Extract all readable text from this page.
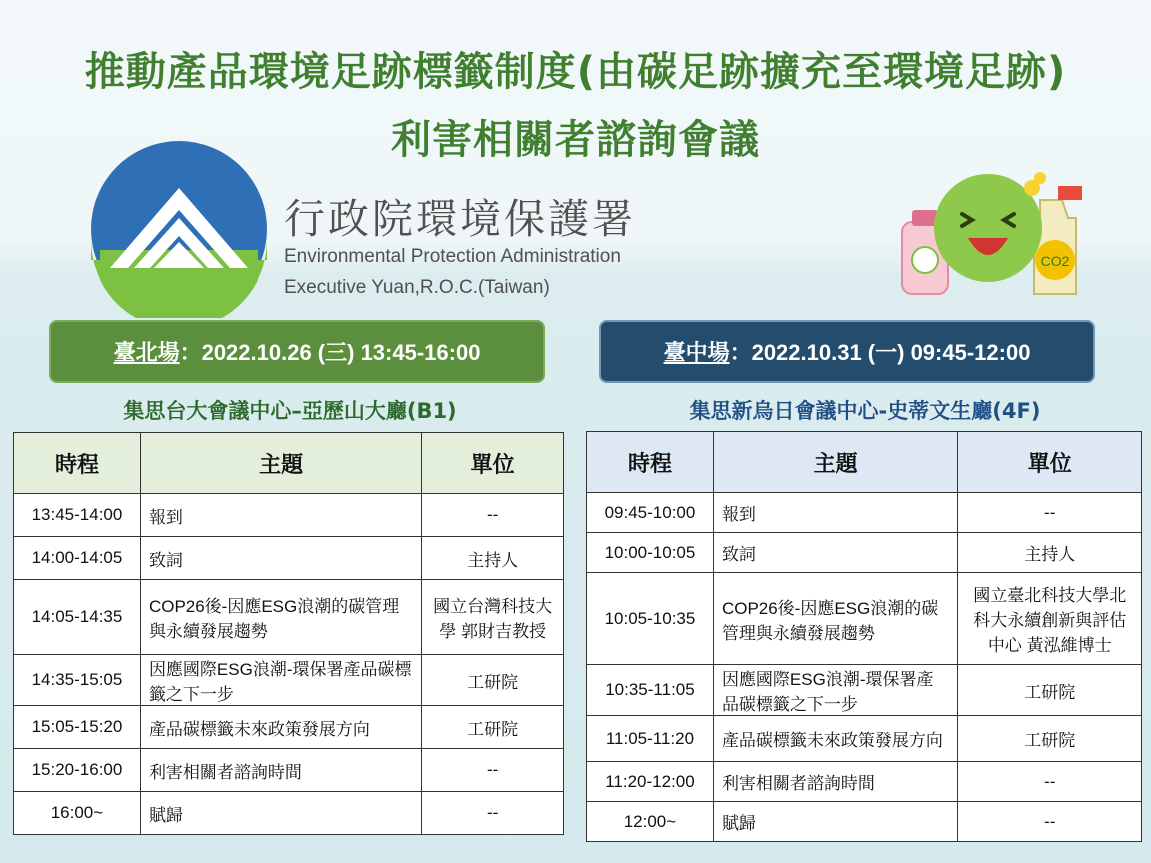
推動產品環境足跡標籤制度(由碳足跡擴充至環境足跡)
利害相關者諮詢會議
行政院環境保護署
Environmental Protection Administration
Executive Yuan,R.O.C.(Taiwan)
CO2
臺北場 ：2022.10.26 (三) 13:45-16:00	臺中場 ：2022.10.31 (一) 09:45-12:00
集思台大會議中心–亞歷山大廳(B1)	集思新烏日會議中心-史蒂文生廳(4F)
時程	主題	單位
13:45-14:00	報到	--
14:00-14:05	致詞	主持人
14:05-14:35	COP26後-因應ESG浪潮的碳管理與永續發展趨勢	國立台灣科技大學 郭財吉教授
14:35-15:05	因應國際ESG浪潮-環保署產品碳標籤之下一步	工研院
15:05-15:20	產品碳標籤未來政策發展方向	工研院
15:20-16:00	利害相關者諮詢時間	--
16:00~	賦歸	--
時程	主題	單位
09:45-10:00	報到	--
10:00-10:05	致詞	主持人
10:05-10:35	COP26後-因應ESG浪潮的碳管理與永續發展趨勢	國立臺北科技大學北科大永續創新與評估中心 黃泓維博士
10:35-11:05	因應國際ESG浪潮-環保署產品碳標籤之下一步	工研院
11:05-11:20	產品碳標籤未來政策發展方向	工研院
11:20-12:00	利害相關者諮詢時間	--
12:00~	賦歸	--
